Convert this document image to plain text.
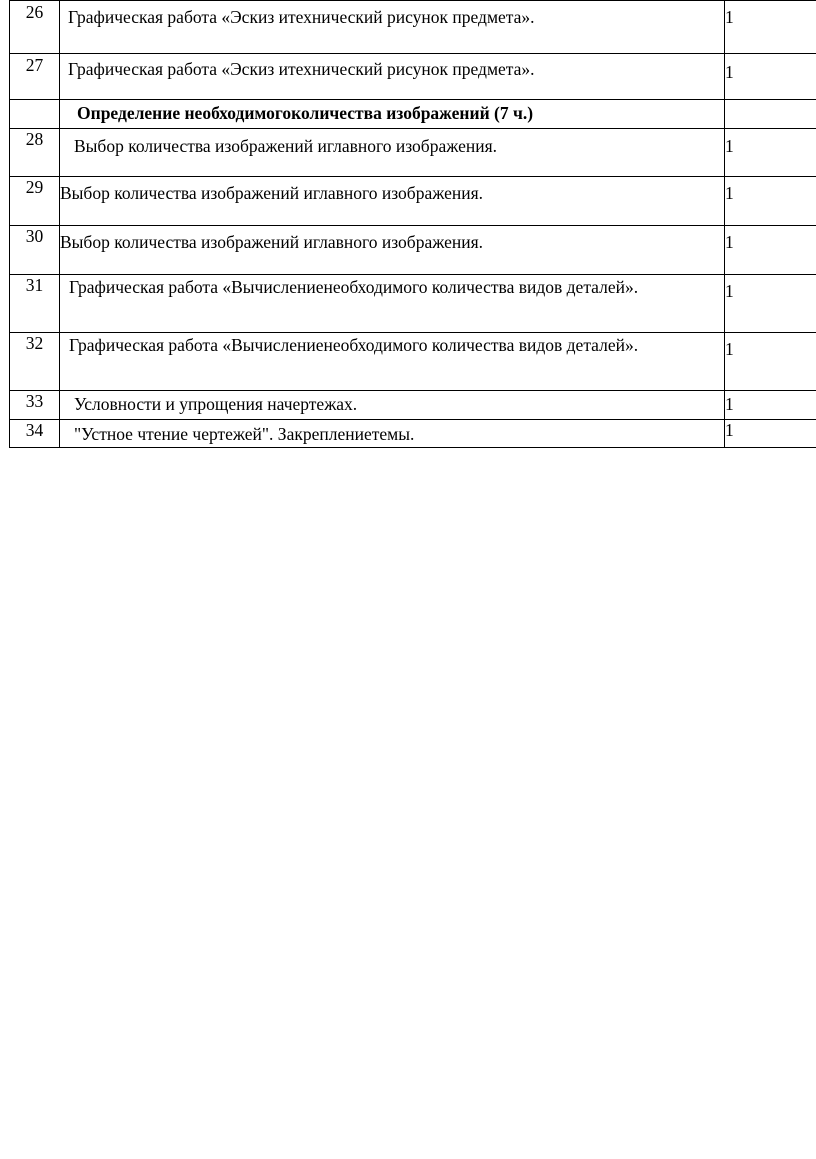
26	Графическая работа «Эскиз итехнический рисунок предмета».	1
27	Графическая работа «Эскиз итехнический рисунок предмета».	1

	Определение необходимогоколичества изображений (7 ч.)	

28	Выбор количества изображений иглавного изображения.	1
29	Выбор количества изображений иглавного изображения.	1
30	Выбор количества изображений иглавного изображения.	1
31	Графическая работа «Вычислениенеобходимого количества видов деталей».	1
32	Графическая работа «Вычислениенеобходимого количества видов деталей».	1
33	Условности и упрощения начертежах.	1
34	"Устное чтение чертежей". Закреплениетемы.	1
